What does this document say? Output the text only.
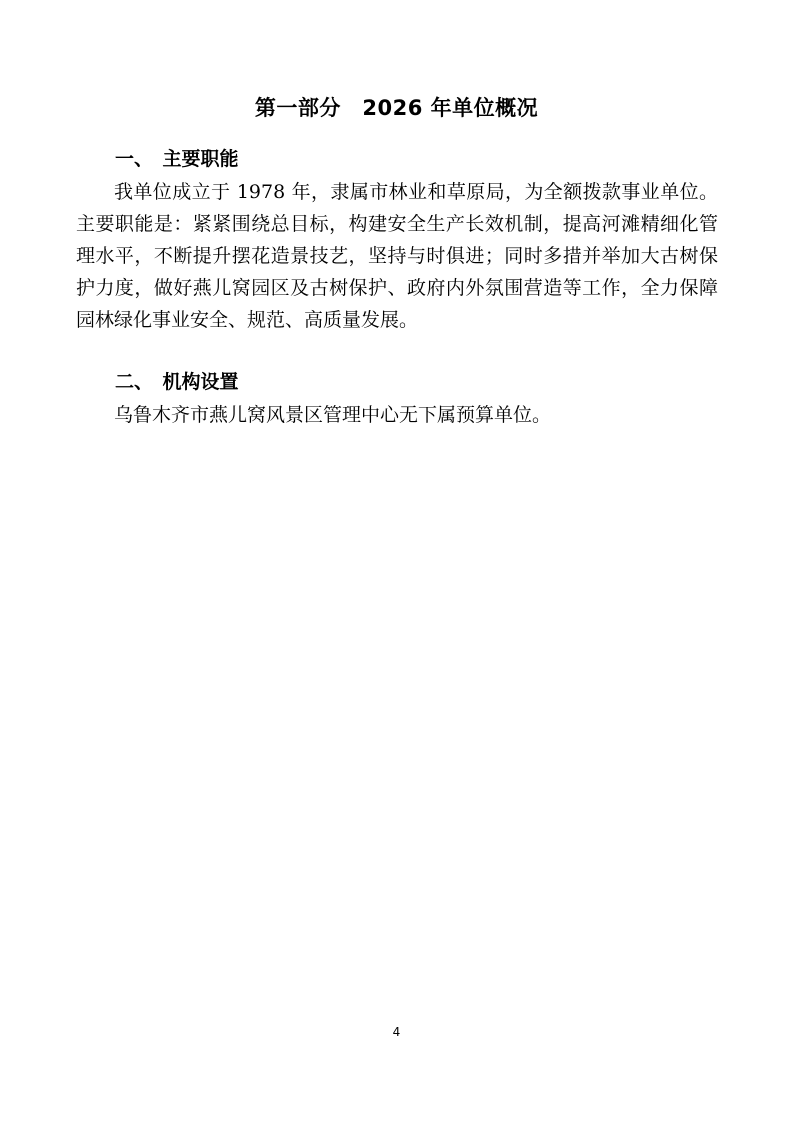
第一部分　2026 年单位概况
一、　主要职能
我单位成立于 1978 年，隶属市林业和草原局，为全额拨款事业单位。主要职能是：紧紧围绕总目标，构建安全生产长效机制，提高河滩精细化管理水平，不断提升摆花造景技艺，坚持与时俱进；同时多措并举加大古树保护力度，做好燕儿窝园区及古树保护、政府内外氛围营造等工作，全力保障园林绿化事业安全、规范、高质量发展。
二、　机构设置
乌鲁木齐市燕儿窝风景区管理中心无下属预算单位。
4
